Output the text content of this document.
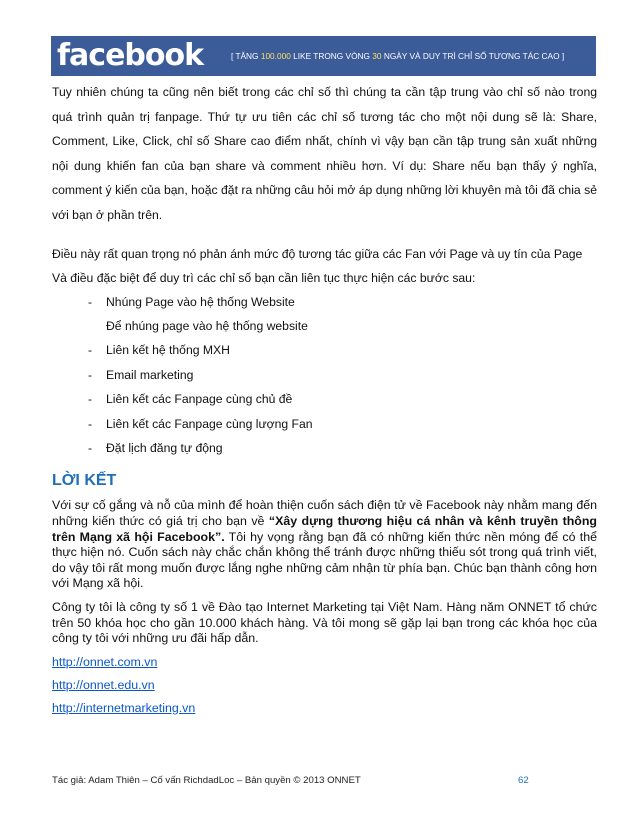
facebook	[ TĂNG 100.000 LIKE TRONG VÒNG 30 NGÀY VÀ DUY TRÌ CHỈ SỐ TƯƠNG TÁC CAO ]

Tuy nhiên chúng ta cũng nên biết trong các chỉ số thì chúng ta cần tập trung vào chỉ số nào trong quá trình quản trị fanpage. Thứ tự ưu tiên các chỉ số tương tác cho một nội dung sẽ là: Share, Comment, Like, Click, chỉ số Share cao điểm nhất, chính vì vậy bạn cần tập trung sản xuất những nội dung khiến fan của bạn share và comment nhiều hơn. Ví dụ: Share nếu bạn thấy ý nghĩa, comment ý kiến của bạn, hoặc đặt ra những câu hỏi mở áp dụng những lời khuyên mà tôi đã chia sẻ với bạn ở phần trên.

Điều này rất quan trọng nó phản ánh mức độ tương tác giữa các Fan với Page và uy tín của Page

Và điều đặc biệt để duy trì các chỉ số bạn cần liên tục thực hiện các bước sau:

- Nhúng Page vào hệ thống Website
Để nhúng page vào hệ thống website
- Liên kết hệ thống MXH
- Email marketing
- Liên kết các Fanpage cùng chủ đề
- Liên kết các Fanpage cùng lượng Fan
- Đặt lịch đăng tự động
LỜI KẾT

Với sự cố gắng và nỗ của mình để hoàn thiện cuốn sách điện tử về Facebook này nhằm mang đến những kiến thức có giá trị cho bạn về “Xây dựng thương hiệu cá nhân và kênh truyền thông trên Mạng xã hội Facebook”. Tôi hy vọng rằng bạn đã có những kiến thức nền móng để có thể thực hiện nó. Cuốn sách này chắc chắn không thể tránh được những thiếu sót trong quá trình viết, do vậy tôi rất mong muốn được lắng nghe những cảm nhận từ phía bạn. Chúc bạn thành công hơn với Mạng xã hội.

Công ty tôi là công ty số 1 về Đào tạo Internet Marketing tại Việt Nam. Hàng năm ONNET tổ chức trên 50 khóa học cho gần 10.000 khách hàng. Và tôi mong sẽ gặp lại bạn trong các khóa học của công ty tôi với những ưu đãi hấp dẫn.

http://onnet.com.vn
http://onnet.edu.vn
http://internetmarketing.vn
Tác giả: Adam Thiên – Cố vấn RichdadLoc – Bản quyền © 2013 ONNET	62
